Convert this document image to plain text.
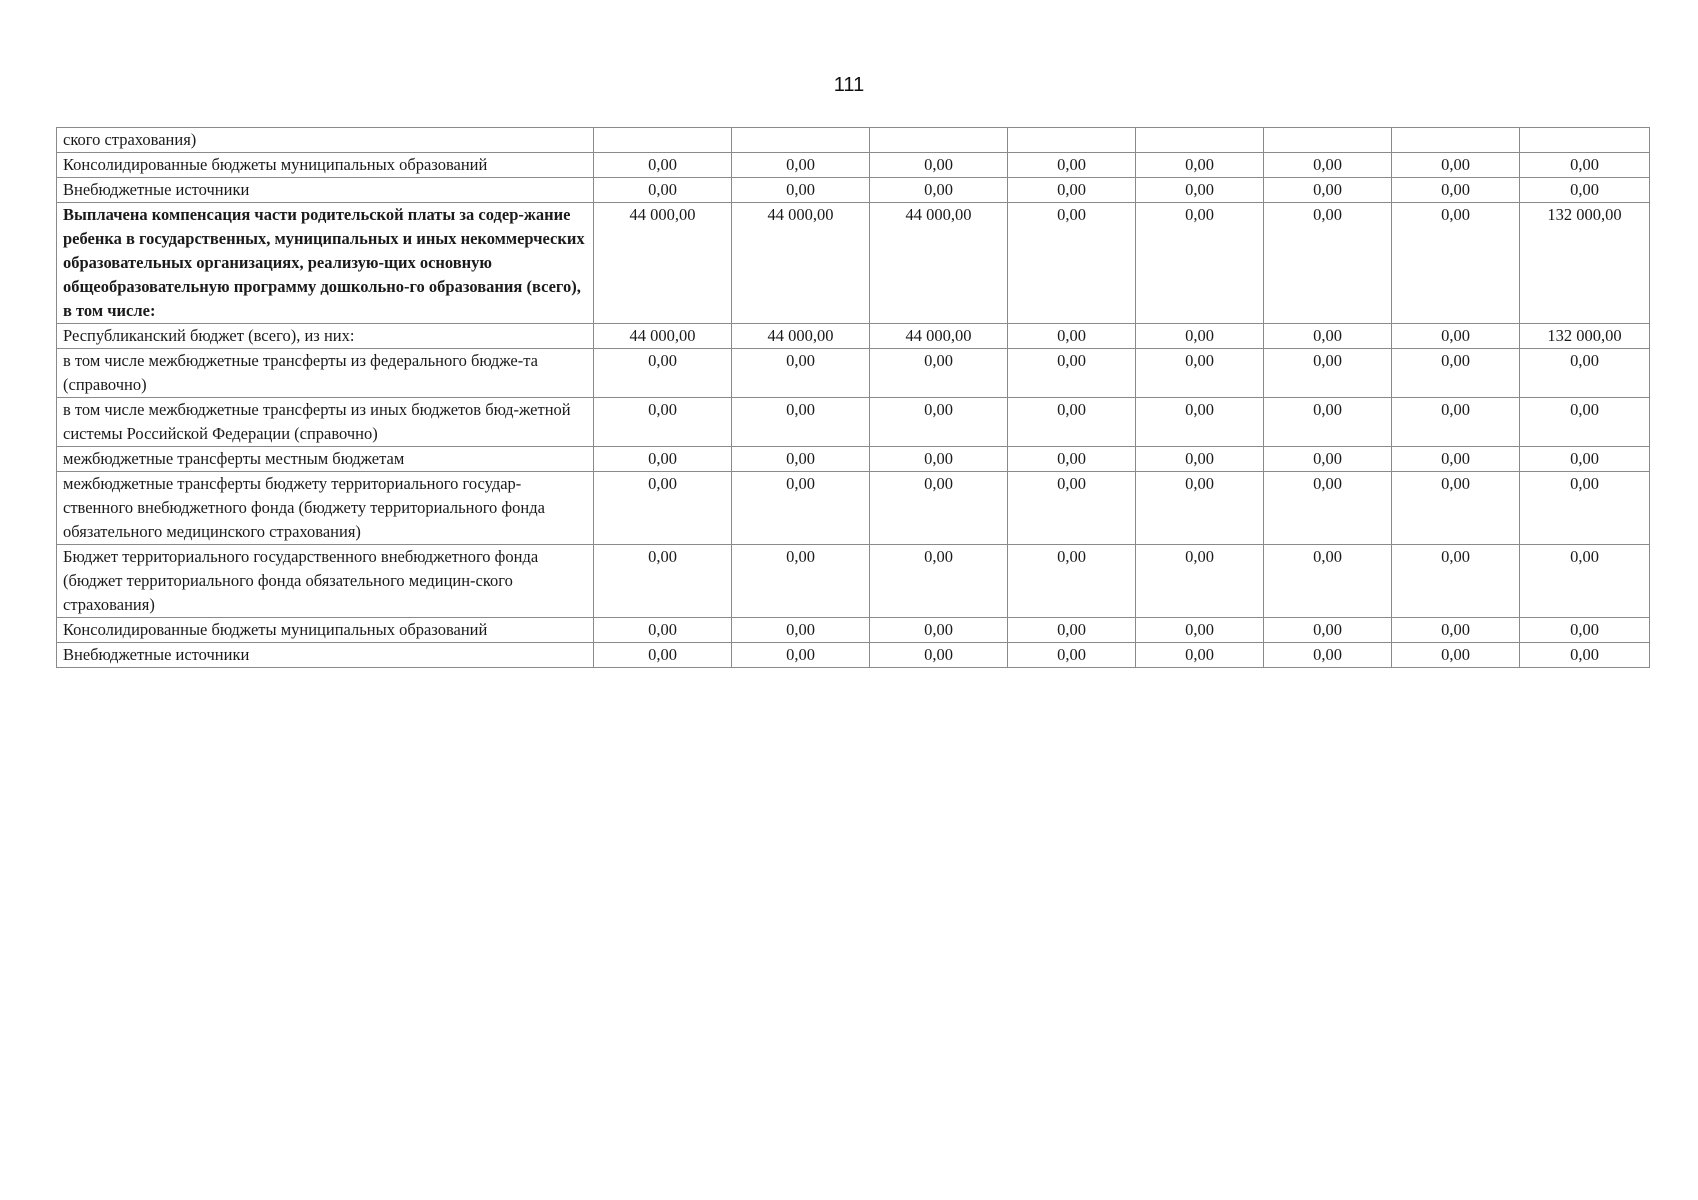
111
ского страхования)								
Консолидированные бюджеты муниципальных образований	0,00	0,00	0,00	0,00	0,00	0,00	0,00	0,00
Внебюджетные источники	0,00	0,00	0,00	0,00	0,00	0,00	0,00	0,00
Выплачена компенсация части родительской платы за содер-жание ребенка в государственных, муниципальных и иных некоммерческих образовательных организациях, реализую-щих основную общеобразовательную программу дошкольно-го образования (всего), в том числе:	44 000,00	44 000,00	44 000,00	0,00	0,00	0,00	0,00	132 000,00
Республиканский бюджет (всего), из них:	44 000,00	44 000,00	44 000,00	0,00	0,00	0,00	0,00	132 000,00
в том числе межбюджетные трансферты из федерального бюдже-та (справочно)	0,00	0,00	0,00	0,00	0,00	0,00	0,00	0,00
в том числе межбюджетные трансферты из иных бюджетов бюд-жетной системы Российской Федерации (справочно)	0,00	0,00	0,00	0,00	0,00	0,00	0,00	0,00
межбюджетные трансферты местным бюджетам	0,00	0,00	0,00	0,00	0,00	0,00	0,00	0,00
межбюджетные трансферты бюджету территориального государ-ственного внебюджетного фонда (бюджету территориального фонда обязательного медицинского страхования)	0,00	0,00	0,00	0,00	0,00	0,00	0,00	0,00
Бюджет территориального государственного внебюджетного фонда (бюджет территориального фонда обязательного медицин-ского страхования)	0,00	0,00	0,00	0,00	0,00	0,00	0,00	0,00
Консолидированные бюджеты муниципальных образований	0,00	0,00	0,00	0,00	0,00	0,00	0,00	0,00
Внебюджетные источники	0,00	0,00	0,00	0,00	0,00	0,00	0,00	0,00
